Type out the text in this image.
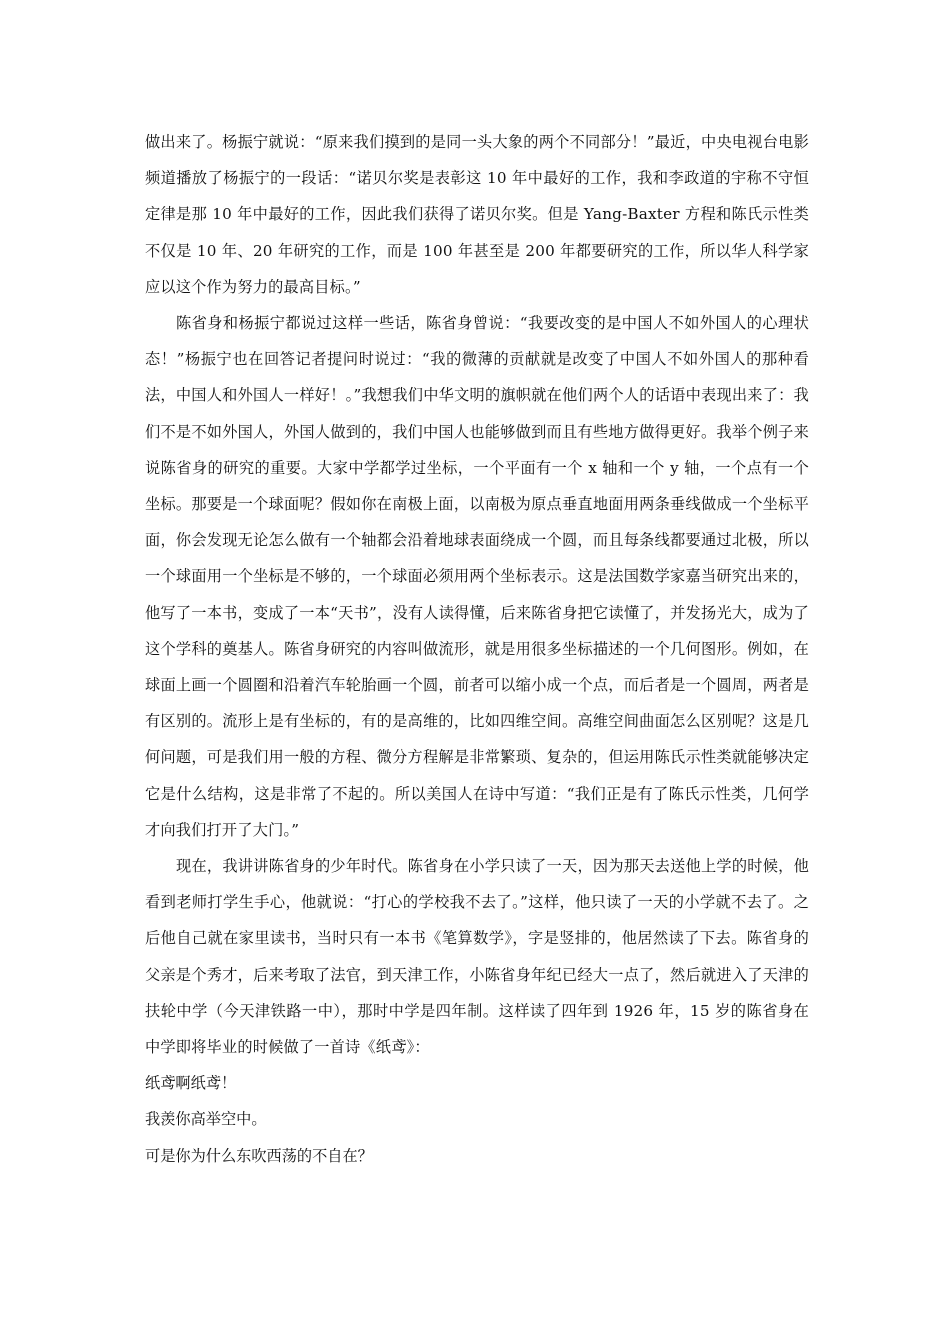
做出来了。杨振宁就说：“原来我们摸到的是同一头大象的两个不同部分！”最近，中央电视台电影频道播放了杨振宁的一段话：“诺贝尔奖是表彰这 10 年中最好的工作，我和李政道的宇称不守恒定律是那 10 年中最好的工作，因此我们获得了诺贝尔奖。但是 Yang-Baxter 方程和陈氏示性类不仅是 10 年、20 年研究的工作，而是 100 年甚至是 200 年都要研究的工作，所以华人科学家应以这个作为努力的最高目标。”

陈省身和杨振宁都说过这样一些话，陈省身曾说：“我要改变的是中国人不如外国人的心理状态！”杨振宁也在回答记者提问时说过：“我的微薄的贡献就是改变了中国人不如外国人的那种看法，中国人和外国人一样好！。”我想我们中华文明的旗帜就在他们两个人的话语中表现出来了：我们不是不如外国人，外国人做到的，我们中国人也能够做到而且有些地方做得更好。我举个例子来说陈省身的研究的重要。大家中学都学过坐标，一个平面有一个 x 轴和一个 y 轴，一个点有一个坐标。那要是一个球面呢？假如你在南极上面，以南极为原点垂直地面用两条垂线做成一个坐标平面，你会发现无论怎么做有一个轴都会沿着地球表面绕成一个圆，而且每条线都要通过北极，所以一个球面用一个坐标是不够的，一个球面必须用两个坐标表示。这是法国数学家嘉当研究出来的，他写了一本书，变成了一本“天书”，没有人读得懂，后来陈省身把它读懂了，并发扬光大，成为了这个学科的奠基人。陈省身研究的内容叫做流形，就是用很多坐标描述的一个几何图形。例如，在球面上画一个圆圈和沿着汽车轮胎画一个圆，前者可以缩小成一个点，而后者是一个圆周，两者是有区别的。流形上是有坐标的，有的是高维的，比如四维空间。高维空间曲面怎么区别呢？这是几何问题，可是我们用一般的方程、微分方程解是非常繁琐、复杂的，但运用陈氏示性类就能够决定它是什么结构，这是非常了不起的。所以美国人在诗中写道：“我们正是有了陈氏示性类，几何学才向我们打开了大门。”

现在，我讲讲陈省身的少年时代。陈省身在小学只读了一天，因为那天去送他上学的时候，他看到老师打学生手心，他就说：“打心的学校我不去了。”这样，他只读了一天的小学就不去了。之后他自己就在家里读书，当时只有一本书《笔算数学》，字是竖排的，他居然读了下去。陈省身的父亲是个秀才，后来考取了法官，到天津工作，小陈省身年纪已经大一点了，然后就进入了天津的扶轮中学（今天津铁路一中），那时中学是四年制。这样读了四年到 1926 年，15 岁的陈省身在中学即将毕业的时候做了一首诗《纸鸢》：

纸鸢啊纸鸢！

我羡你高举空中。

可是你为什么东吹西荡的不自在？
